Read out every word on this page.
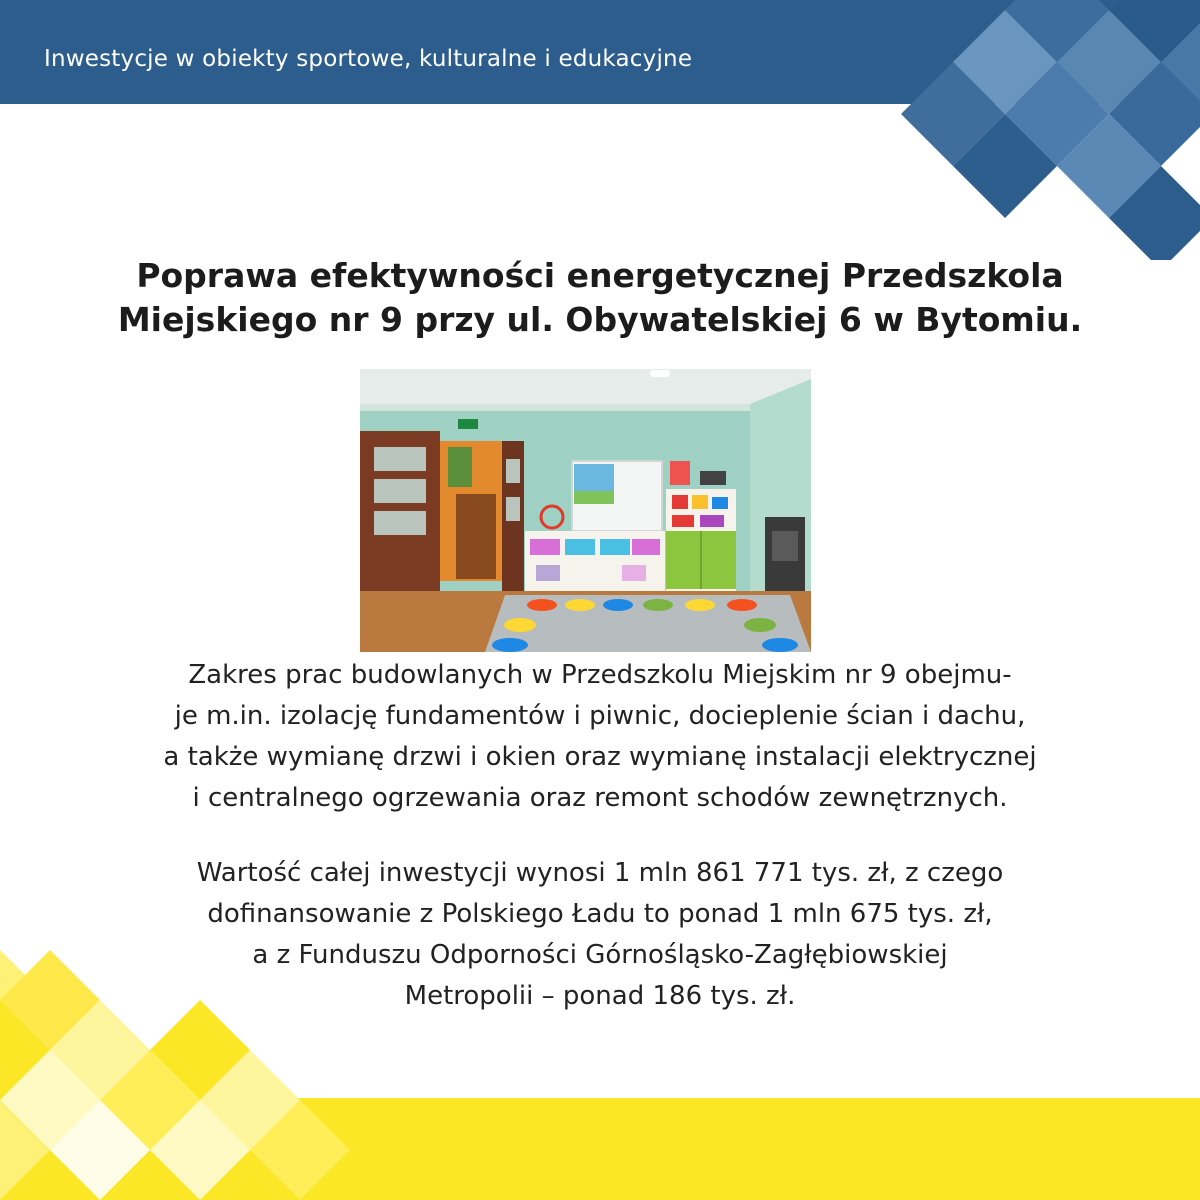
Inwestycje w obiekty sportowe, kulturalne i edukacyjne
Poprawa efektywności energetycznej Przedszkola
Miejskiego nr 9 przy ul. Obywatelskiej 6 w Bytomiu.

Zakres prac budowlanych w Przedszkolu Miejskim nr 9 obejmu-
je m.in. izolację fundamentów i piwnic, docieplenie ścian i dachu,
a także wymianę drzwi i okien oraz wymianę instalacji elektrycznej
i centralnego ogrzewania oraz remont schodów zewnętrznych.

Wartość całej inwestycji wynosi 1 mln 861 771 tys. zł, z czego
dofinansowanie z Polskiego Ładu to ponad 1 mln 675 tys. zł,
a z Funduszu Odporności Górnośląsko-Zagłębiowskiej
Metropolii – ponad 186 tys. zł.
